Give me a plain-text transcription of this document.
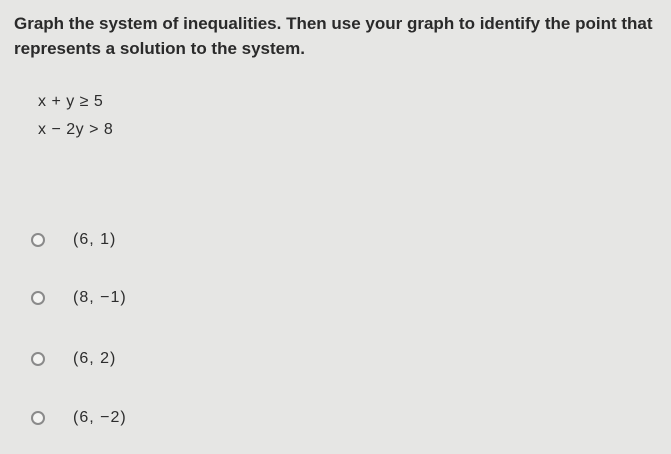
Graph the system of inequalities. Then use your graph to identify the point that represents a solution to the system.
x + y ≥ 5
x − 2y > 8
(6, 1)
(8, −1)
(6, 2)
(6, −2)
